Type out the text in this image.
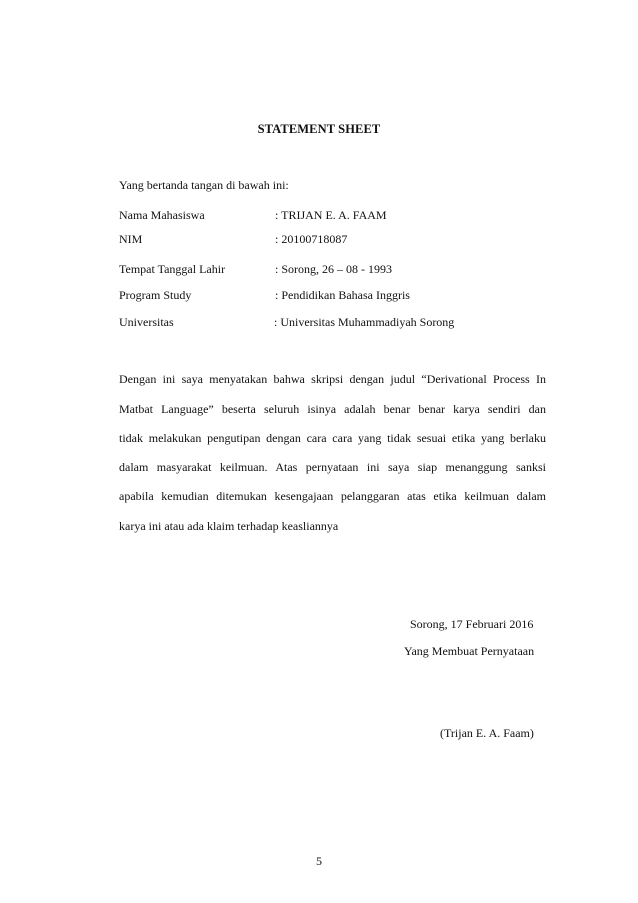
STATEMENT SHEET
Yang bertanda tangan di bawah ini:
Nama Mahasiswa	: TRIJAN E. A. FAAM
NIM	: 20100718087
Tempat Tanggal Lahir	: Sorong, 26 – 08 - 1993
Program Study	: Pendidikan Bahasa Inggris
Universitas	: Universitas Muhammadiyah Sorong
Dengan ini saya menyatakan bahwa skripsi dengan judul “Derivational Process In
Matbat Language” beserta seluruh isinya adalah benar benar karya sendiri dan
tidak melakukan pengutipan dengan cara cara yang tidak sesuai etika yang berlaku
dalam masyarakat keilmuan. Atas pernyataan ini saya siap menanggung sanksi
apabila kemudian ditemukan kesengajaan pelanggaran atas etika keilmuan dalam
karya ini atau ada klaim terhadap keasliannya
Sorong, 17 Februari 2016
Yang Membuat Pernyataan
(Trijan E. A. Faam)
5
